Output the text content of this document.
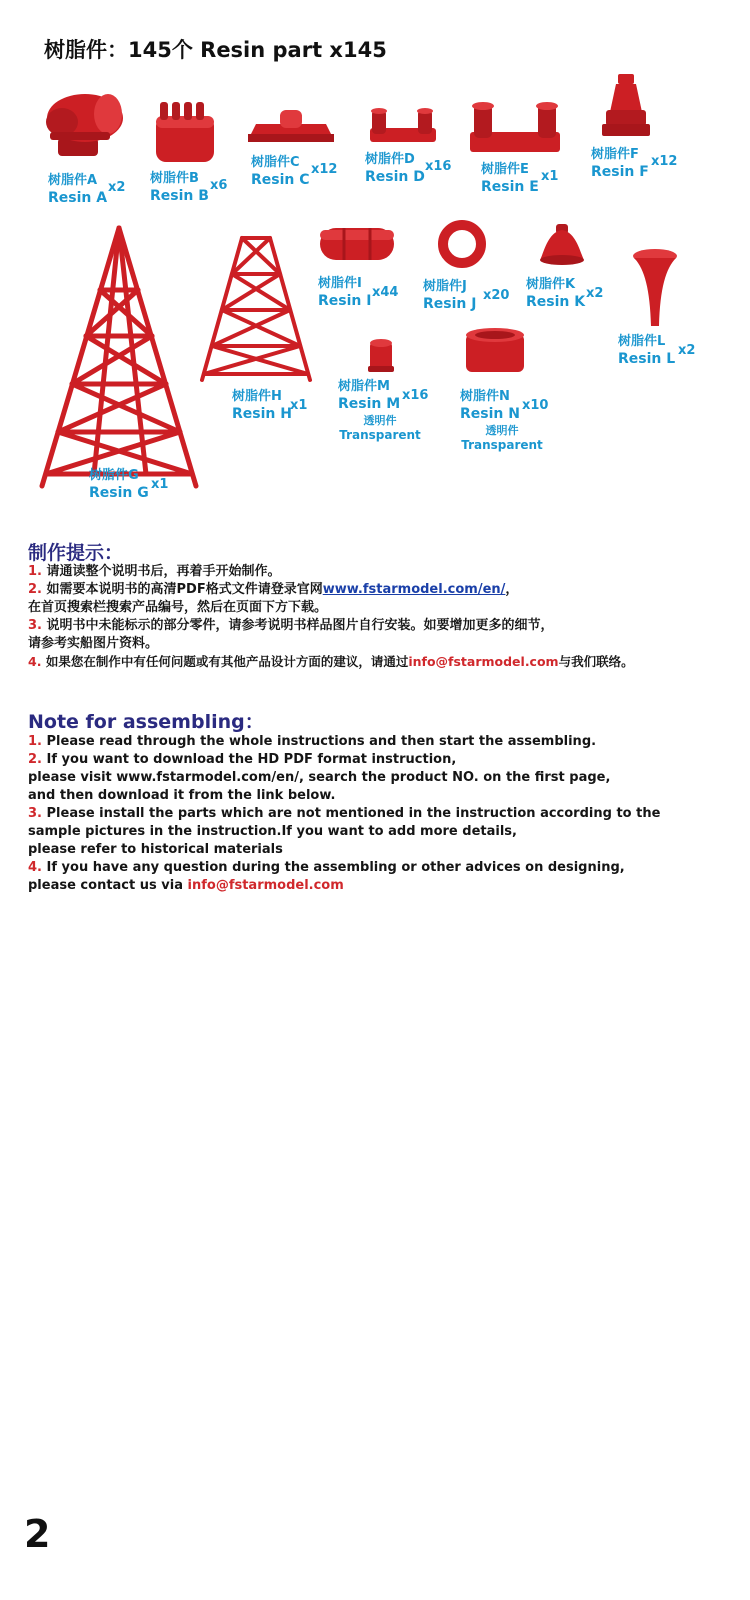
树脂件：145个 Resin part x145
树脂件A
Resin A
x2
树脂件B
Resin B
x6
树脂件C
Resin C
x12
树脂件D
Resin D
x16 树脂件E
Resin E
x1
树脂件F
Resin F
x12
树脂件G
Resin G
x1
树脂件H
Resin H
x1
树脂件I
Resin I
x44 树脂件J
Resin J
x20
树脂件K
Resin K
x2
树脂件L
Resin L
x2
树脂件M
Resin M
x16
透明件
Transparent
树脂件N
Resin N
x10
透明件
Transparent
制作提示：
1. 请通读整个说明书后，再着手开始制作。
2. 如需要本说明书的高清PDF格式文件请登录官网www.fstarmodel.com/en/，
在首页搜索栏搜索产品编号，然后在页面下方下载。
3. 说明书中未能标示的部分零件，请参考说明书样品图片自行安装。如要增加更多的细节，
请参考实船图片资料。
4. 如果您在制作中有任何问题或有其他产品设计方面的建议，请通过info@fstarmodel.com与我们联络。
Note for assembling：
1. Please read through the whole instructions and then start the assembling.
2. If you want to download the HD PDF format instruction,
please visit www.fstarmodel.com/en/, search the product NO. on the first page,
and then download it from the link below.
3. Please install the parts which are not mentioned in the instruction according to the
sample pictures in the instruction.If you want to add more details,
please refer to historical materials
4. If you have any question during the assembling or other advices on designing,
please contact us via info@fstarmodel.com
2
